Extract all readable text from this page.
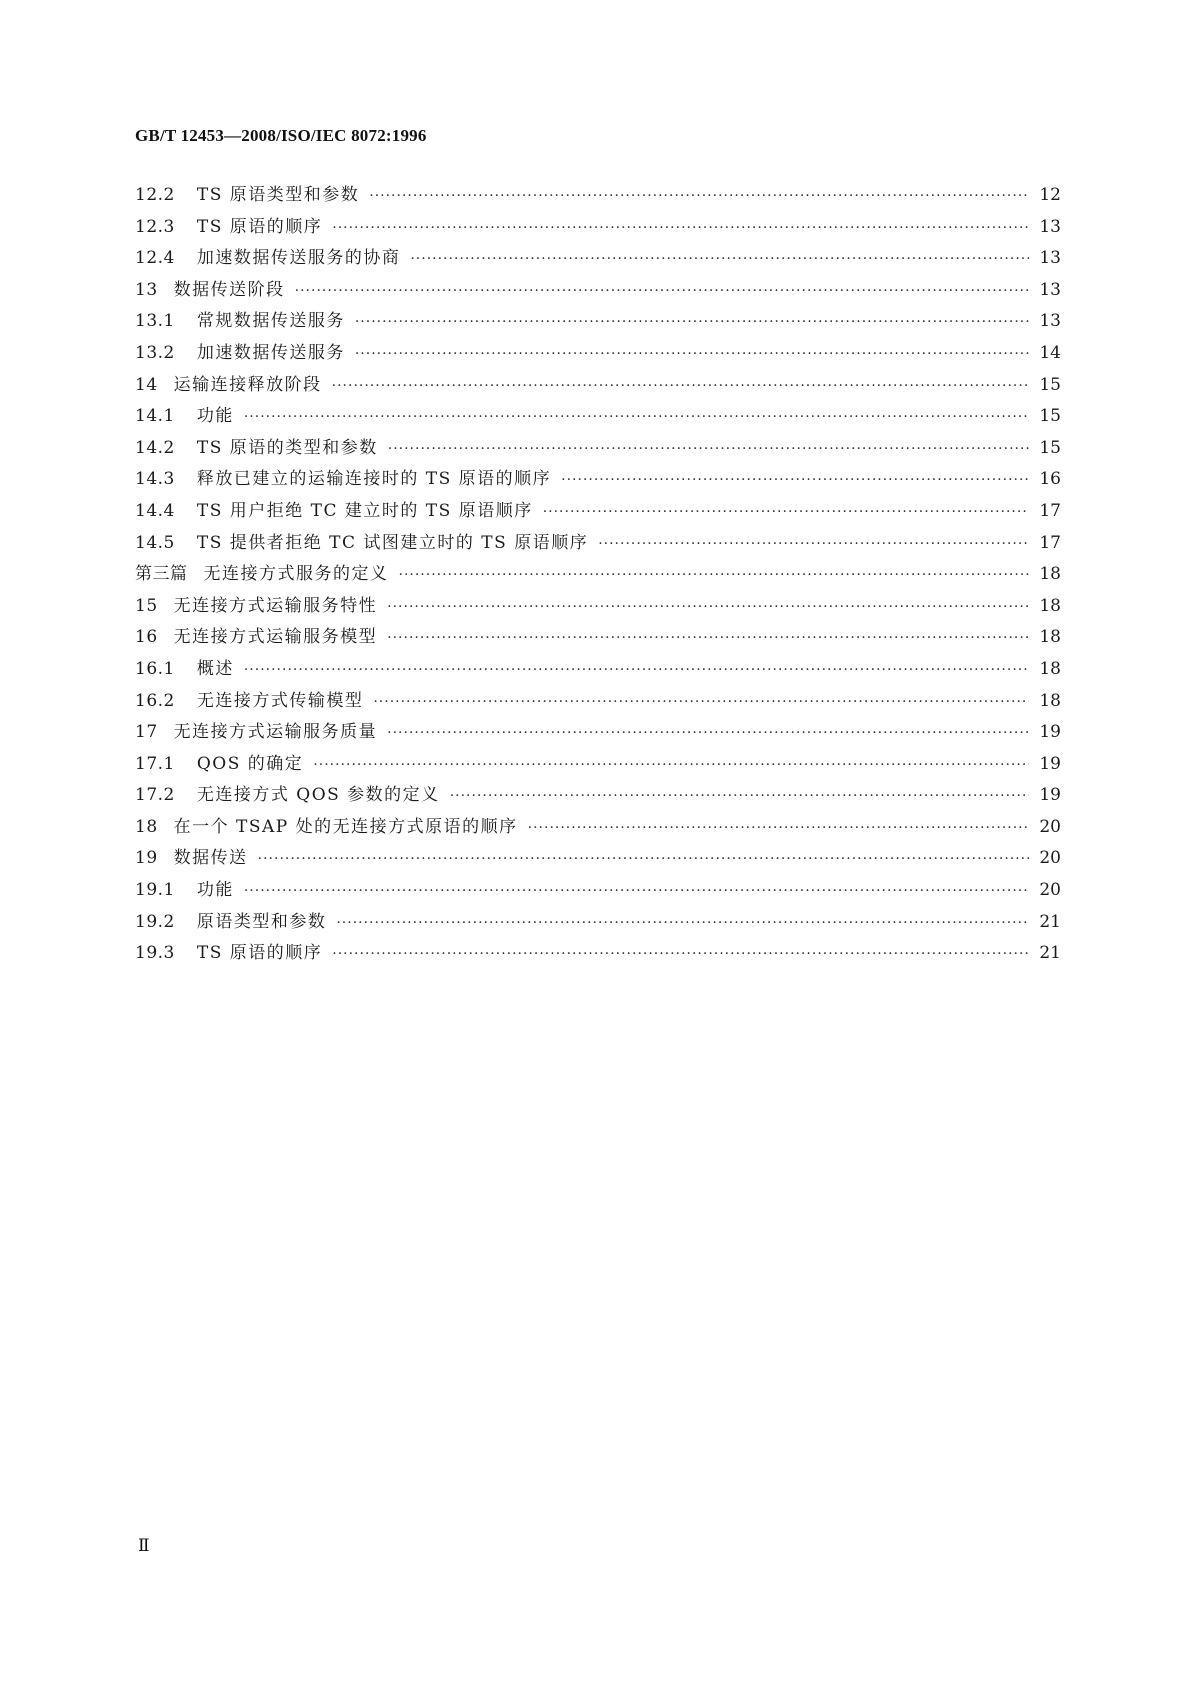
GB/T 12453—2008/ISO/IEC 8072:1996
12.2	TS 原语类型和参数 ·····	12
12.3	TS 原语的顺序 ·····	13
12.4	加速数据传送服务的协商 ·····	13
13 数据传送阶段 ·····	13
13.1	常规数据传送服务 ·····	13
13.2	加速数据传送服务 ·····	14
14 运输连接释放阶段 ·····	15
14.1	功能 ·····	15
14.2	TS 原语的类型和参数 ·····	15
14.3	释放已建立的运输连接时的 TS 原语的顺序 ·····	16
14.4	TS 用户拒绝 TC 建立时的 TS 原语顺序 ·····	17
14.5	TS 提供者拒绝 TC 试图建立时的 TS 原语顺序 ·····	17
第三篇 无连接方式服务的定义 ·····	18
15 无连接方式运输服务特性 ·····	18
16 无连接方式运输服务模型 ·····	18
16.1	概述 ·····	18
16.2	无连接方式传输模型 ·····	18
17 无连接方式运输服务质量 ·····	19
17.1	QOS 的确定 ·····	19
17.2	无连接方式 QOS 参数的定义 ·····	19
18 在一个 TSAP 处的无连接方式原语的顺序 ·····	20
19 数据传送 ·····	20
19.1	功能 ·····	20
19.2	原语类型和参数 ·····	21
19.3	TS 原语的顺序 ·····	21
Ⅱ
